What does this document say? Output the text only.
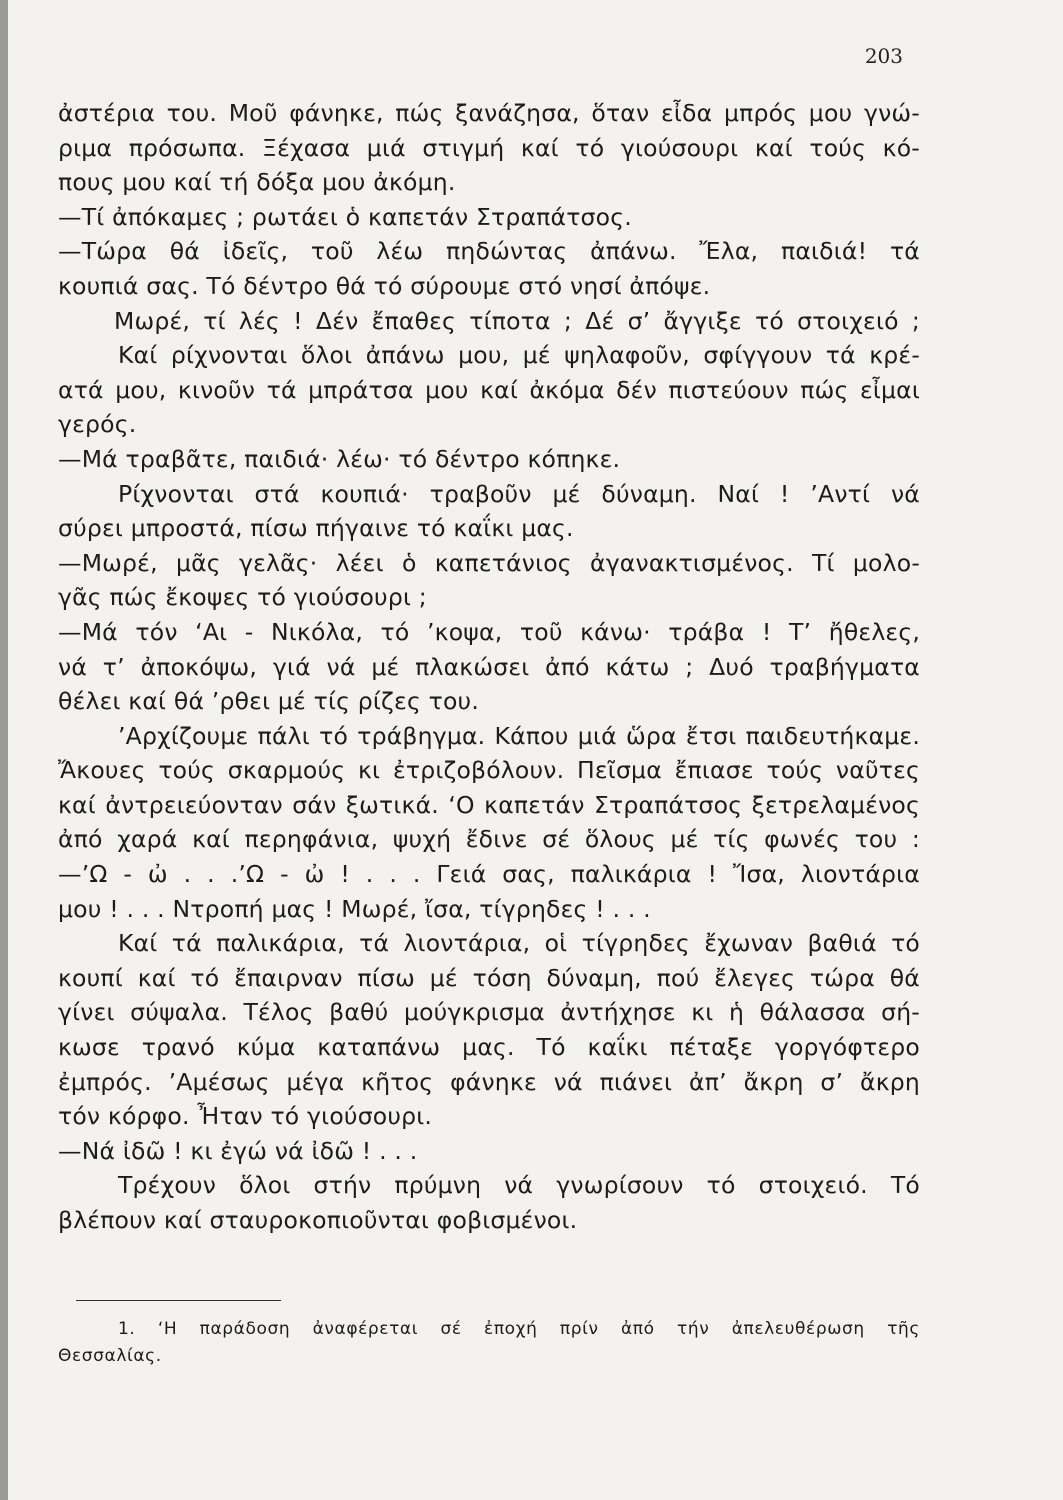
203
ἀστέρια του. Μοῦ φάνηκε, πώς ξανάζησα, ὅταν εἶδα μπρός μου γνώ-
ριμα πρόσωπα. Ξέχασα μιά στιγμή καί τό γιούσουρι καί τούς κό-
πους μου καί τή δόξα μου ἀκόμη.
—Τί ἀπόκαμες ; ρωτάει ὁ καπετάν Στραπάτσος.
—Τώρα θά ἰδεῖς, τοῦ λέω πηδώντας ἀπάνω. Ἔλα, παιδιά! τά
κουπιά σας. Τό δέντρο θά τό σύρουμε στό νησί ἀπόψε.
Μωρέ, τί λές ! Δέν ἔπαθες τίποτα ; Δέ σ’ ἄγγιξε τό στοιχειό ;
Καί ρίχνονται ὅλοι ἀπάνω μου, μέ ψηλαφοῦν, σφίγγουν τά κρέ-
ατά μου, κινοῦν τά μπράτσα μου καί ἀκόμα δέν πιστεύουν πώς εἶμαι
γερός.
—Μά τραβᾶτε, παιδιά· λέω· τό δέντρο κόπηκε.
Ρίχνονται στά κουπιά· τραβοῦν μέ δύναμη. Ναί ! ’Αντί νά
σύρει μπροστά, πίσω πήγαινε τό καΐκι μας.
—Μωρέ, μᾶς γελᾶς· λέει ὁ καπετάνιος ἀγανακτισμένος. Τί μολο-
γᾶς πώς ἔκοψες τό γιούσουρι ;
—Μά τόν ‘Αι - Νικόλα, τό ’κοψα, τοῦ κάνω· τράβα ! Τ’ ἤθελες,
νά τ’ ἀποκόψω, γιά νά μέ πλακώσει ἀπό κάτω ; Δυό τραβήγματα
θέλει καί θά ’ρθει μέ τίς ρίζες του.
’Αρχίζουμε πάλι τό τράβηγμα. Κάπου μιά ὥρα ἔτσι παιδευτήκαμε.
Ἄκουες τούς σκαρμούς κι ἐτριζοβόλουν. Πεῖσμα ἔπιασε τούς ναῦτες
καί ἀντρειεύονταν σάν ξωτικά. ‘Ο καπετάν Στραπάτσος ξετρελαμένος
ἀπό χαρά καί περηφάνια, ψυχή ἔδινε σέ ὅλους μέ τίς φωνές του :
—’Ω - ὠ . . .’Ω - ὠ ! . . . Γειά σας, παλικάρια ! Ἴσα, λιοντάρια
μου ! . . . Ντροπή μας ! Μωρέ, ἴσα, τίγρηδες ! . . .
Καί τά παλικάρια, τά λιοντάρια, οἱ τίγρηδες ἔχωναν βαθιά τό
κουπί καί τό ἔπαιρναν πίσω μέ τόση δύναμη, πού ἔλεγες τώρα θά
γίνει σύψαλα. Τέλος βαθύ μούγκρισμα ἀντήχησε κι ἡ θάλασσα σή-
κωσε τρανό κύμα καταπάνω μας. Τό καΐκι πέταξε γοργόφτερο
ἐμπρός. ’Αμέσως μέγα κῆτος φάνηκε νά πιάνει ἀπ’ ἄκρη σ’ ἄκρη
τόν κόρφο. Ἦταν τό γιούσουρι.
—Νά ἰδῶ ! κι ἐγώ νά ἰδῶ ! . . .
Τρέχουν ὅλοι στήν πρύμνη νά γνωρίσουν τό στοιχειό. Τό
βλέπουν καί σταυροκοπιοῦνται φοβισμένοι.
1. ‘Η παράδοση ἀναφέρεται σέ ἐποχή πρίν ἀπό τήν ἀπελευθέρωση τῆς
Θεσσαλίας.
